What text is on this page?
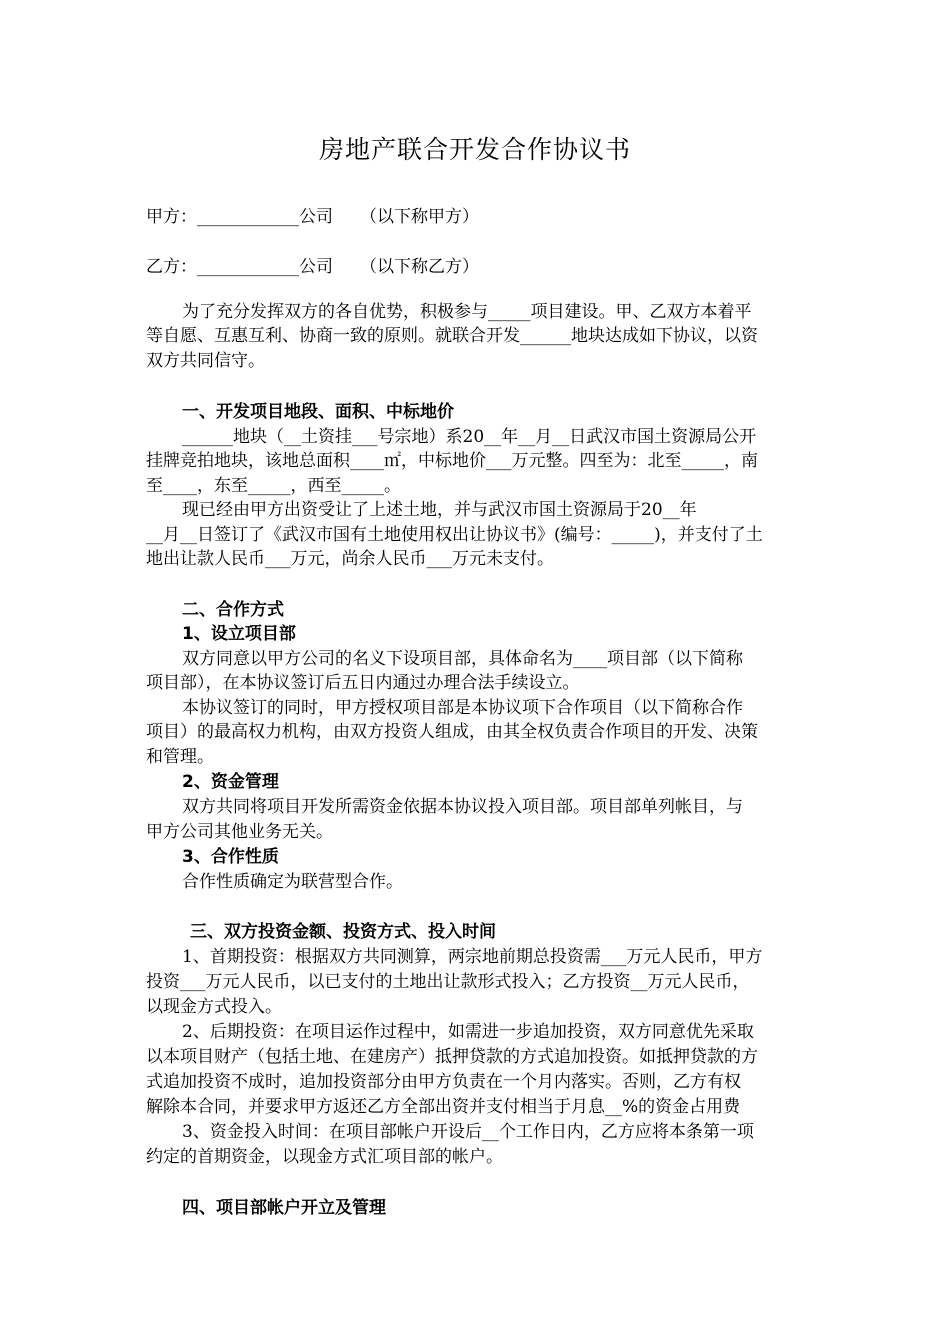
房地产联合开发合作协议书
甲方：____________公司     （以下称甲方）
乙方：____________公司     （以下称乙方）
为了充分发挥双方的各自优势，积极参与_____项目建设。甲、乙双方本着平
等自愿、互惠互利、协商一致的原则。就联合开发______地块达成如下协议，以资
双方共同信守。
一、开发项目地段、面积、中标地价
______地块（__土资挂___号宗地）系20__年__月__日武汉市国土资源局公开
挂牌竞拍地块，该地总面积____㎡，中标地价___万元整。四至为：北至_____，南
至____，东至_____，西至_____。
现已经由甲方出资受让了上述土地，并与武汉市国土资源局于20__年
__月__日签订了《武汉市国有土地使用权出让协议书》(编号：_____)，并支付了土
地出让款人民币___万元，尚余人民币___万元未支付。
二、合作方式
1、设立项目部
双方同意以甲方公司的名义下设项目部，具体命名为____项目部（以下简称
项目部），在本协议签订后五日内通过办理合法手续设立。
本协议签订的同时，甲方授权项目部是本协议项下合作项目（以下简称合作
项目）的最高权力机构，由双方投资人组成，由其全权负责合作项目的开发、决策
和管理。
2、资金管理
双方共同将项目开发所需资金依据本协议投入项目部。项目部单列帐目，与
甲方公司其他业务无关。
3、合作性质
合作性质确定为联营型合作。
三、双方投资金额、投资方式、投入时间
1、首期投资：根据双方共同测算，两宗地前期总投资需___万元人民币，甲方
投资___万元人民币，以已支付的土地出让款形式投入；乙方投资__万元人民币，
以现金方式投入。
2、后期投资：在项目运作过程中，如需进一步追加投资，双方同意优先采取
以本项目财产（包括土地、在建房产）抵押贷款的方式追加投资。如抵押贷款的方
式追加投资不成时，追加投资部分由甲方负责在一个月内落实。否则，乙方有权
解除本合同，并要求甲方返还乙方全部出资并支付相当于月息__%的资金占用费
3、资金投入时间：在项目部帐户开设后__个工作日内，乙方应将本条第一项
约定的首期资金，以现金方式汇项目部的帐户。
四、项目部帐户开立及管理
